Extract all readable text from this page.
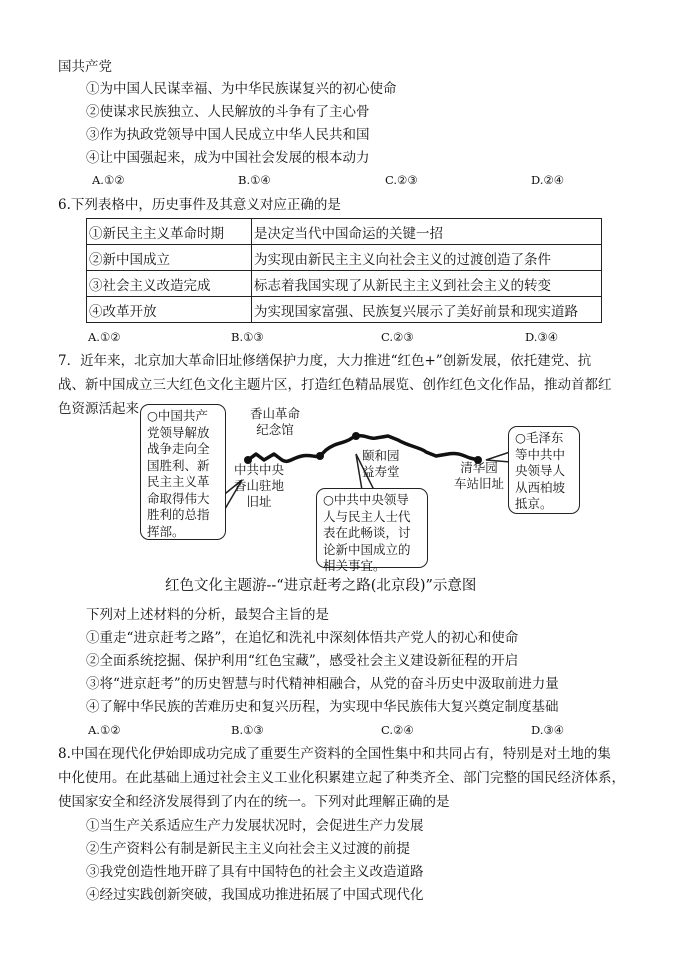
国共产党
①为中国人民谋幸福、为中华民族谋复兴的初心使命
②使谋求民族独立、人民解放的斗争有了主心骨
③作为执政党领导中国人民成立中华人民共和国
④让中国强起来，成为中国社会发展的根本动力
A.①②	B.①④	C.②③	D.②④
6.下列表格中，历史事件及其意义对应正确的是
①新民主主义革命时期	是决定当代中国命运的关键一招
②新中国成立	为实现由新民主主义向社会主义的过渡创造了条件
③社会主义改造完成	标志着我国实现了从新民主主义到社会主义的转变
④改革开放	为实现国家富强、民族复兴展示了美好前景和现实道路
A.①②	B.①③	C.②③	D.③④
7．近年来，北京加大革命旧址修缮保护力度，大力推进“红色+”创新发展，依托建党、抗
战、新中国成立三大红色文化主题片区，打造红色精品展览、创作红色文化作品，推动首都红
色资源活起来 ○中国共产
党领导解放
战争走向全
国胜利、新
民主主义革
命取得伟大
胜利的总指
挥部。
香山革命
纪念馆
中共中央
香山驻地
旧址
颐和园
益寿堂	清华园
车站旧址
○中共中央领导
人与民主人士代
表在此畅谈，讨
论新中国成立的
相关事宜。
○毛泽东
等中共中
央领导人
从西柏坡
抵京。
红色文化主题游--“进京赶考之路(北京段)”示意图
下列对上述材料的分析，最契合主旨的是
①重走“进京赶考之路”，在追忆和洗礼中深刻体悟共产党人的初心和使命
②全面系统挖掘、保护利用“红色宝藏”，感受社会主义建设新征程的开启
③将“进京赶考”的历史智慧与时代精神相融合，从党的奋斗历史中汲取前进力量
④了解中华民族的苦难历史和复兴历程，为实现中华民族伟大复兴奠定制度基础
A.①②	B.①③	C.②④	D.③④
8.中国在现代化伊始即成功完成了重要生产资料的全国性集中和共同占有，特别是对土地的集
中化使用。在此基础上通过社会主义工业化积累建立起了种类齐全、部门完整的国民经济体系，
使国家安全和经济发展得到了内在的统一。下列对此理解正确的是
①当生产关系适应生产力发展状况时，会促进生产力发展
②生产资料公有制是新民主主义向社会主义过渡的前提
③我党创造性地开辟了具有中国特色的社会主义改造道路
④经过实践创新突破，我国成功推进拓展了中国式现代化
